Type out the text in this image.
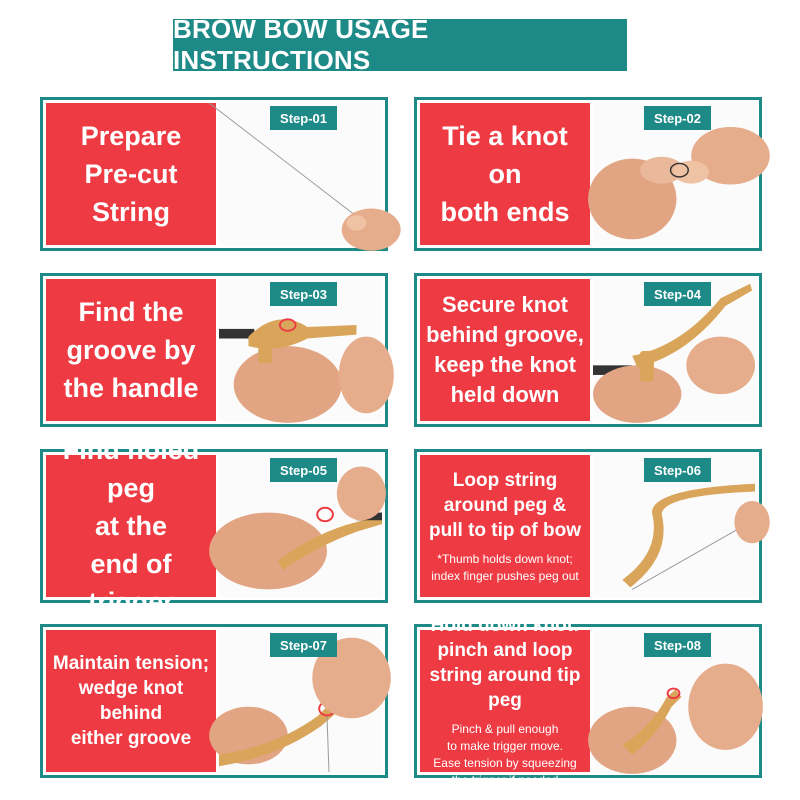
BROW BOW USAGE INSTRUCTIONS
Prepare
Pre-cut
String
Step-01
Tie a knot
on
both ends
Step-02
Find the
groove by
the handle
Step-03	Secure knot
behind groove,
keep the knot
held down
Step-04
FInd holed peg
at the
end of trigger
Step-05	Loop string
around peg &
pull to tip of bow
*Thumb holds down knot;
index finger pushes peg out
Step-06
Maintain tension;
wedge knot
behind
either groove
Step-07
Hold down knot:
pinch and loop
string around tip peg
Pinch & pull enough
to make trigger move.
Ease tension by squeezing
the trigger if needed
Step-08
